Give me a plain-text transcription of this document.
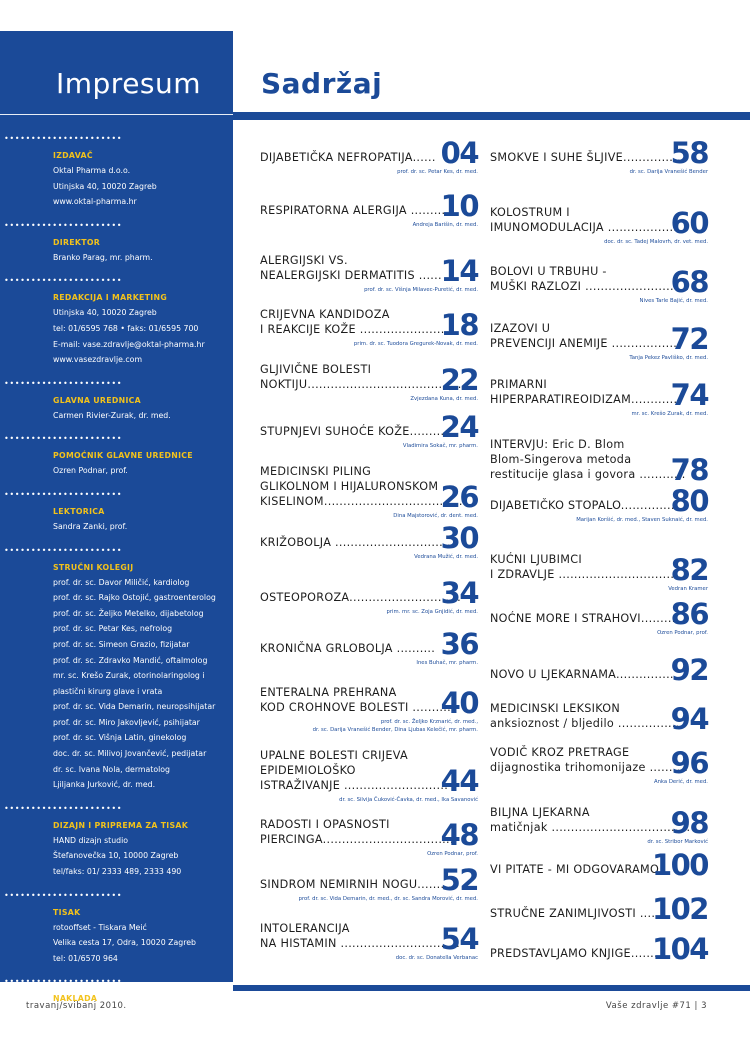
Impresum
••••••••••••••••••••••
IZDAVAČ
Oktal Pharma d.o.o.
Utinjska 40, 10020 Zagreb
www.oktal-pharma.hr
••••••••••••••••••••••
DIREKTOR
Branko Parag, mr. pharm.
••••••••••••••••••••••
REDAKCIJA I MARKETING
Utinjska 40, 10020 Zagreb
tel: 01/6595 768 • faks: 01/6595 700
E-mail: vase.zdravlje@oktal-pharma.hr
www.vasezdravlje.com
••••••••••••••••••••••
GLAVNA UREDNICA
Carmen Rivier-Zurak, dr. med.
••••••••••••••••••••••
POMOĆNIK GLAVNE UREDNICE
Ozren Podnar, prof.
••••••••••••••••••••••
LEKTORICA
Sandra Zanki, prof.
••••••••••••••••••••••
STRUČNI KOLEGIJ
prof. dr. sc. Davor Miličić, kardiolog
prof. dr. sc. Rajko Ostojić, gastroenterolog
prof. dr. sc. Željko Metelko, dijabetolog
prof. dr. sc. Petar Kes, nefrolog
prof. dr. sc. Simeon Grazio, fizijatar
prof. dr. sc. Zdravko Mandić, oftalmolog
mr. sc. Krešo Zurak, otorinolaringolog i
plastični kirurg glave i vrata
prof. dr. sc. Vida Demarin, neuropsihijatar
prof. dr. sc. Miro Jakovljević, psihijatar
prof. dr. sc. Višnja Latin, ginekolog
doc. dr. sc. Milivoj Jovančević, pedijatar
dr. sc. Ivana Nola, dermatolog
Ljiljanka Jurković, dr. med.
••••••••••••••••••••••
DIZAJN I PRIPREMA ZA TISAK
HAND dizajn studio
Štefanovečka 10, 10000 Zagreb
tel/faks: 01/ 2333 489, 2333 490
••••••••••••••••••••••
TISAK
rotooffset - Tiskara Meić
Velika cesta 17, Odra, 10020 Zagreb
tel: 01/6570 964
••••••••••••••••••••••
NAKLADA
90.000
Sadržaj
DIJABETIČKA NEFROPATIJA...... 04
prof. dr. sc. Petar Kes, dr. med.
RESPIRATORNA ALERGIJA .........
10
Andreja Barišin, dr. med.
ALERGIJSKI VS.
NEALERGIJSKI DERMATITIS ......
14
prof. dr. sc. Višnja Milavec-Puretić, dr. med.
CRIJEVNA KANDIDOZA
I REAKCIJE KOŽE .........................
18
prim. dr. sc. Tuodora Gregurek-Novak, dr. med.
GLJIVIČNE BOLESTI
NOKTIJU..........................................
22
Zvjezdana Kuna, dr. med.
STUPNJEVI SUHOĆE KOŽE.........
24
Vladimira Sokač, mr. pharm.
MEDICINSKI PILING
GLIKOLNOM I HIJALURONSKOM
KISELINOM....................................
26
Dina Majstorović, dr. dent. med.
KRIŽOBOLJA ................................
30
Vedrana Mužić, dr. med.
OSTEOPOROZA.............................
34
prim. mr. sc. Zoja Gnjidić, dr. med.
KRONIČNA GRLOBOLJA .......... 36
Ines Buhač, mr. pharm.
ENTERALNA PREHRANA
KOD CROHNOVE BOLESTI ..........
40
prof. dr. sc. Željko Krznarić, dr. med.,
dr. sc. Darija Vranešić Bender, Dina Ljubas Kelečić, mr. pharm.
UPALNE BOLESTI CRIJEVA
EPIDEMIOLOŠKO
ISTRAŽIVANJE ...........................
44
dr. sc. Silvija Čuković-Čavka, dr. med., Ika Savanović
RADOSTI I OPASNOSTI
PIERCINGA...................................
48
Ozren Podnar, prof.
SINDROM NEMIRNIH NOGU.........
52
prof. dr. sc. Vida Demarin, dr. med., dr. sc. Sandra Morović, dr. med.
INTOLERANCIJA
NA HISTAMIN ...............................
54
doc. dr. sc. Donatella Verbanac
SMOKVE I SUHE ŠLJIVE...............
58
dr. sc. Darija Vranešić Bender
KOLOSTRUM I
IMUNOMODULACIJA ...................
60
doc. dr. sc. Tadej Malovrh, dr. vet. med.
BOLOVI U TRBUHU -
MUŠKI RAZLOZI ...........................
68
Nives Tarle Bajić, dr. med.
IZAZOVI U
PREVENCIJI ANEMIJE .................
72
Tanja Pekez Pavliško, dr. med.
PRIMARNI
HIPERPARATIREOIDIZAM............
74
mr. sc. Krešo Zurak, dr. med.
INTERVJU: Eric D. Blom
Blom-Singerova metoda
restitucije glasa i govora ............
78
DIJABETIČKO STOPALO..............
80
Marijan Koršić, dr. med., Staven Suknaić, dr. med.
KUĆNI LJUBIMCI
I ZDRAVLJE .................................
82
Vedran Kramer
NOĆNE MORE I STRAHOVI..........
86
Ozren Podnar, prof.
NOVO U LJEKARNAMA...............
92
MEDICINSKI LEKSIKON
anksioznost / bljedilo .................
94
VODIČ KROZ PRETRAGE
dijagnostika trihomonijaze ..........
96
Anka Derić, dr. med.
BILJNA LJEKARNA
matičnjak ....................................
98
dr. sc. Stribor Marković
VI PITATE - MI ODGOVARAMO..
100
STRUČNE ZANIMLJIVOSTI ......
102
PREDSTAVLJAMO KNJIGE.......
104
travanj/svibanj 2010.	Vaše zdravlje #71 | 3
